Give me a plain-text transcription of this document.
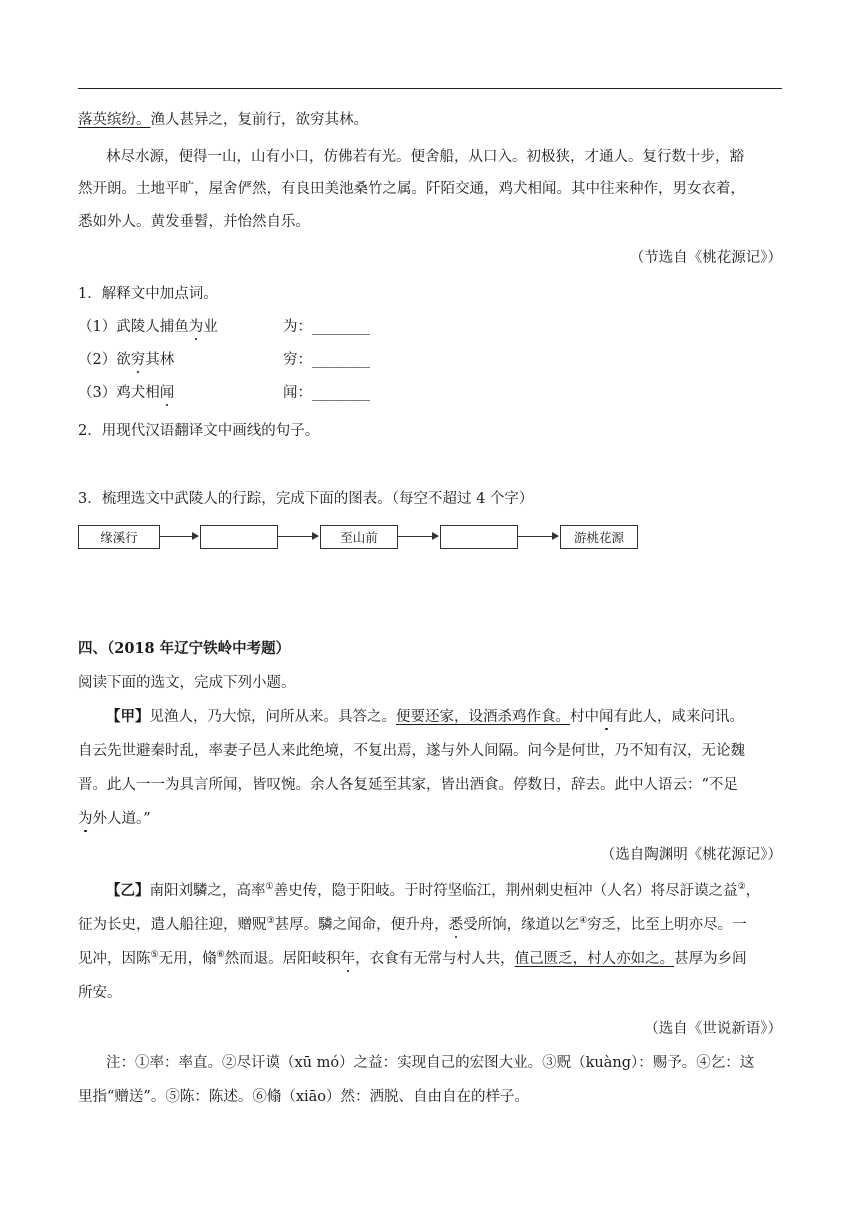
落英缤纷。渔人甚异之，复前行，欲穷其林。
林尽水源，便得一山，山有小口，仿佛若有光。便舍船，从口入。初极狭，才通人。复行数十步，豁
然开朗。土地平旷，屋舍俨然，有良田美池桑竹之属。阡陌交通，鸡犬相闻。其中往来种作，男女衣着，
悉如外人。黄发垂髫，并怡然自乐。
（节选自《桃花源记》）
1．解释文中加点词。
（1）武陵人捕鱼为业	为：________
（2）欲穷其林	穷：________
（3）鸡犬相闻	闻：________
2．用现代汉语翻译文中画线的句子。
3．梳理选文中武陵人的行踪，完成下面的图表。（每空不超过 4 个字）
缘溪行	至山前	游桃花源
四、（2018 年辽宁铁岭中考题）
阅读下面的选文，完成下列小题。
【甲】见渔人，乃大惊，问所从来。具答之。便要还家，设酒杀鸡作食。村中闻有此人，咸来问讯。
自云先世避秦时乱，率妻子邑人来此绝境，不复出焉，遂与外人间隔。问今是何世，乃不知有汉，无论魏
晋。此人一一为具言所闻，皆叹惋。余人各复延至其家，皆出酒食。停数日，辞去。此中人语云：“不足
为外人道。”
（选自陶渊明《桃花源记》）
【乙】南阳刘驎之，高率①善史传，隐于阳岐。于时符坚临江，荆州刺史桓冲（人名）将尽訏谟之益②，
征为长史，遣人船往迎，赠贶③甚厚。驎之闻命，便升舟，悉受所饷，缘道以乞④穷乏，比至上明亦尽。一
见冲，因陈⑤无用，翛⑥然而退。居阳岐积年，衣食有无常与村人共，值己匮乏，村人亦如之。甚厚为乡闾
所安。
（选自《世说新语》）
注：①率：率直。②尽讦谟（xū mó）之益：实现自己的宏图大业。③贶（kuàng）：赐予。④乞：这
里指“赠送”。⑤陈：陈述。⑥翛（xiāo）然：洒脱、自由自在的样子。
